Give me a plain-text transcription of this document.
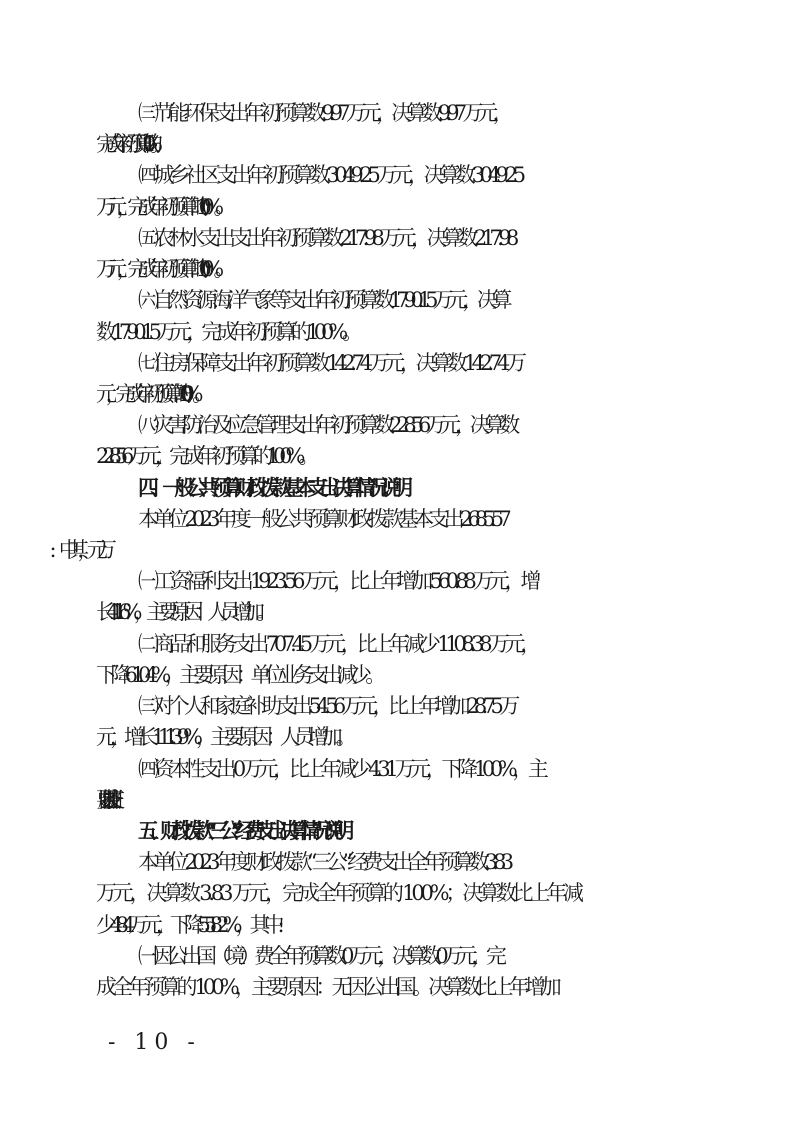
㈢节能环保支出年初预算数 9.97 万元，决算数 9.97 万元，
完成年初预算的 100%。
㈣城乡社区支出年初预算数 3049.25 万元，决算数 3049.25
万元，完成年初预算的 100%。
㈤农林水支出支出年初预算数 217.98 万元，决算数 217.98
万元，完成年初预算的 100%。
㈥自然资源海洋气象等支出年初预算数 1790.15 万元，决算
数 1790.15 万元，完成年初预算的 100%。
㈦住房保障支出年初预算数 142.74 万元，决算数 142.74 万
元，完成年初预算的 100%。
㈧灾害防治及应急管理支出年初预算数 228.56 万元，决算数
228.56 万元，完成年初预算的 100%。
四、一般公共预算财政拨款基本支出决算情况说明
本单位 2023 年度一般公共预算财政拨款基本支出 2685.57
㈠工资福利支出 1923.56 万元，比上年增加 560.88 万元，增
长 41.16%，主要原因：人员增加。
㈡商品和服务支出 707.45 万元，比上年减少 1108.38 万元，
下降 61.04%，主要原因：单位业务支出减少。
㈢对个人和家庭补助支出 54.56 万元，比上年增加 28.75 万
元，增长 111.39%，主要原因：人员增加。
㈣资本性支出 0 万元，比上年减少 4.31 万元，下降 100%，主
要原因：控制开支。
五、财政拨款“三公”经费支出决算情况说明
本单位 2023 年度财政拨款“三公”经费支出全年预算数 3.83
万元，决算数 3.83 万元，完成全年预算的 100%；决算数比上年减
少 4.84 万元，下降 55.82%，其中:
㈠因公出国（境）费全年预算数 0 万元，决算数 0 万元，完
成全年预算的 100%，主要原因：无因公出国。决算数比上年增加
- 10 -
